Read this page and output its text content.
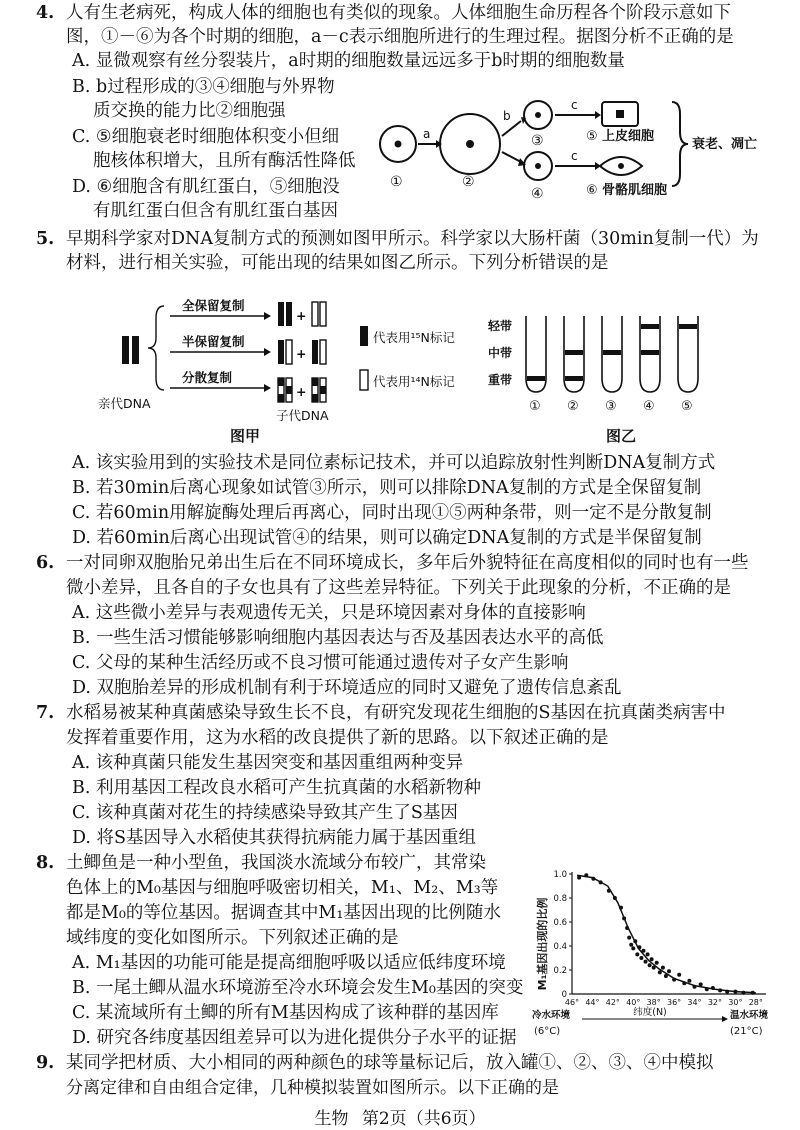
4. 人有生老病死，构成人体的细胞也有类似的现象。人体细胞生命历程各个阶段示意如下
图，①－⑥为各个时期的细胞，a－c表示细胞所进行的生理过程。据图分析不正确的是
A. 显微观察有丝分裂装片，a时期的细胞数量远远多于b时期的细胞数量
B. b过程形成的③④细胞与外界物
质交换的能力比②细胞强
C. ⑤细胞衰老时细胞体积变小但细
胞核体积增大，且所有酶活性降低
D. ⑥细胞含有肌红蛋白，⑤细胞没
有肌红蛋白但含有肌红蛋白基因
a
b
c
c
①	②
③
④
⑤ 上皮细胞
⑥ 骨骼肌细胞
衰老、凋亡
5. 早期科学家对DNA复制方式的预测如图甲所示。科学家以大肠杆菌（30min复制一代）为
材料，进行相关实验，可能出现的结果如图乙所示。下列分析错误的是
全保留复制
半保留复制
分散复制
+
+
+
亲代DNA
子代DNA
代表用¹⁵N标记
代表用¹⁴N标记
图甲
轻带
中带
重带
① ② ③ ④ ⑤
图乙
A. 该实验用到的实验技术是同位素标记技术，并可以追踪放射性判断DNA复制方式
B. 若30min后离心现象如试管③所示，则可以排除DNA复制的方式是全保留复制
C. 若60min用解旋酶处理后再离心，同时出现①⑤两种条带，则一定不是分散复制
D. 若60min后离心出现试管④的结果，则可以确定DNA复制的方式是半保留复制
6. 一对同卵双胞胎兄弟出生后在不同环境成长，多年后外貌特征在高度相似的同时也有一些
微小差异，且各自的子女也具有了这些差异特征。下列关于此现象的分析，不正确的是
A. 这些微小差异与表观遗传无关，只是环境因素对身体的直接影响
B. 一些生活习惯能够影响细胞内基因表达与否及基因表达水平的高低
C. 父母的某种生活经历或不良习惯可能通过遗传对子女产生影响
D. 双胞胎差异的形成机制有利于环境适应的同时又避免了遗传信息紊乱
7. 水稻易被某种真菌感染导致生长不良，有研究发现花生细胞的S基因在抗真菌类病害中
发挥着重要作用，这为水稻的改良提供了新的思路。以下叙述正确的是
A. 该种真菌只能发生基因突变和基因重组两种变异
B. 利用基因工程改良水稻可产生抗真菌的水稻新物种
C. 该种真菌对花生的持续感染导致其产生了S基因
D. 将S基因导入水稻使其获得抗病能力属于基因重组
8. 土鲫鱼是一种小型鱼，我国淡水流域分布较广，其常染
色体上的M₀基因与细胞呼吸密切相关，M₁、M₂、M₃等
都是M₀的等位基因。据调查其中M₁基因出现的比例随水
域纬度的变化如图所示。下列叙述正确的是
A. M₁基因的功能可能是提高细胞呼吸以适应低纬度环境
B. 一尾土鲫从温水环境游至冷水环境会发生M₀基因的突变
C. 某流域所有土鲫的所有M基因构成了该种群的基因库
D. 研究各纬度基因组差异可以为进化提供分子水平的证据
M₁基因出现的比例
1.0
0.8
0.6
0.4
0.2
0
46° 44° 42° 40° 38° 36° 34° 32° 30° 28°
冷水环境
(6°C)
纬度(N)	温水环境
(21°C)
9. 某同学把材质、大小相同的两种颜色的球等量标记后，放入罐①、②、③、④中模拟
分离定律和自由组合定律，几种模拟装置如图所示。以下正确的是
生物 第2页（共6页）
